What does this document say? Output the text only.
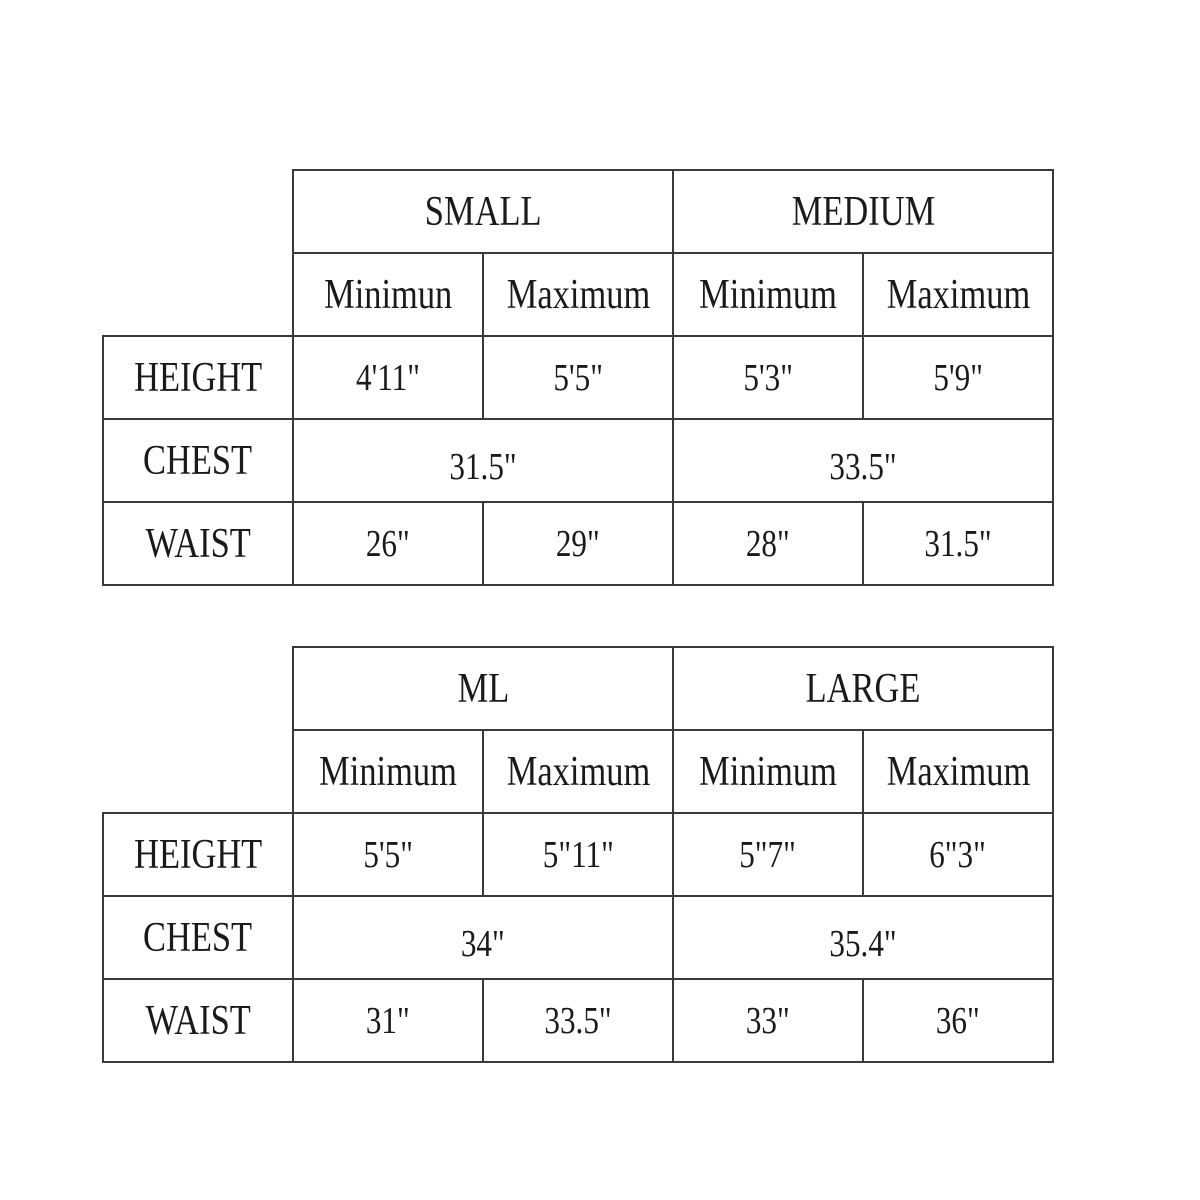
	SMALL		MEDIUM	
	Minimun	Maximum	Minimum	Maximum
HEIGHT	4'11"	5'5"	5'3"	5'9"
CHEST	31.5"		33.5"	
WAIST	26"	29"	28"	31.5"
	ML		LARGE	
	Minimum	Maximum	Minimum	Maximum
HEIGHT	5'5"	5"11"	5"7"	6"3"
CHEST	34"		35.4"	
WAIST	31"	33.5"	33"	36"
